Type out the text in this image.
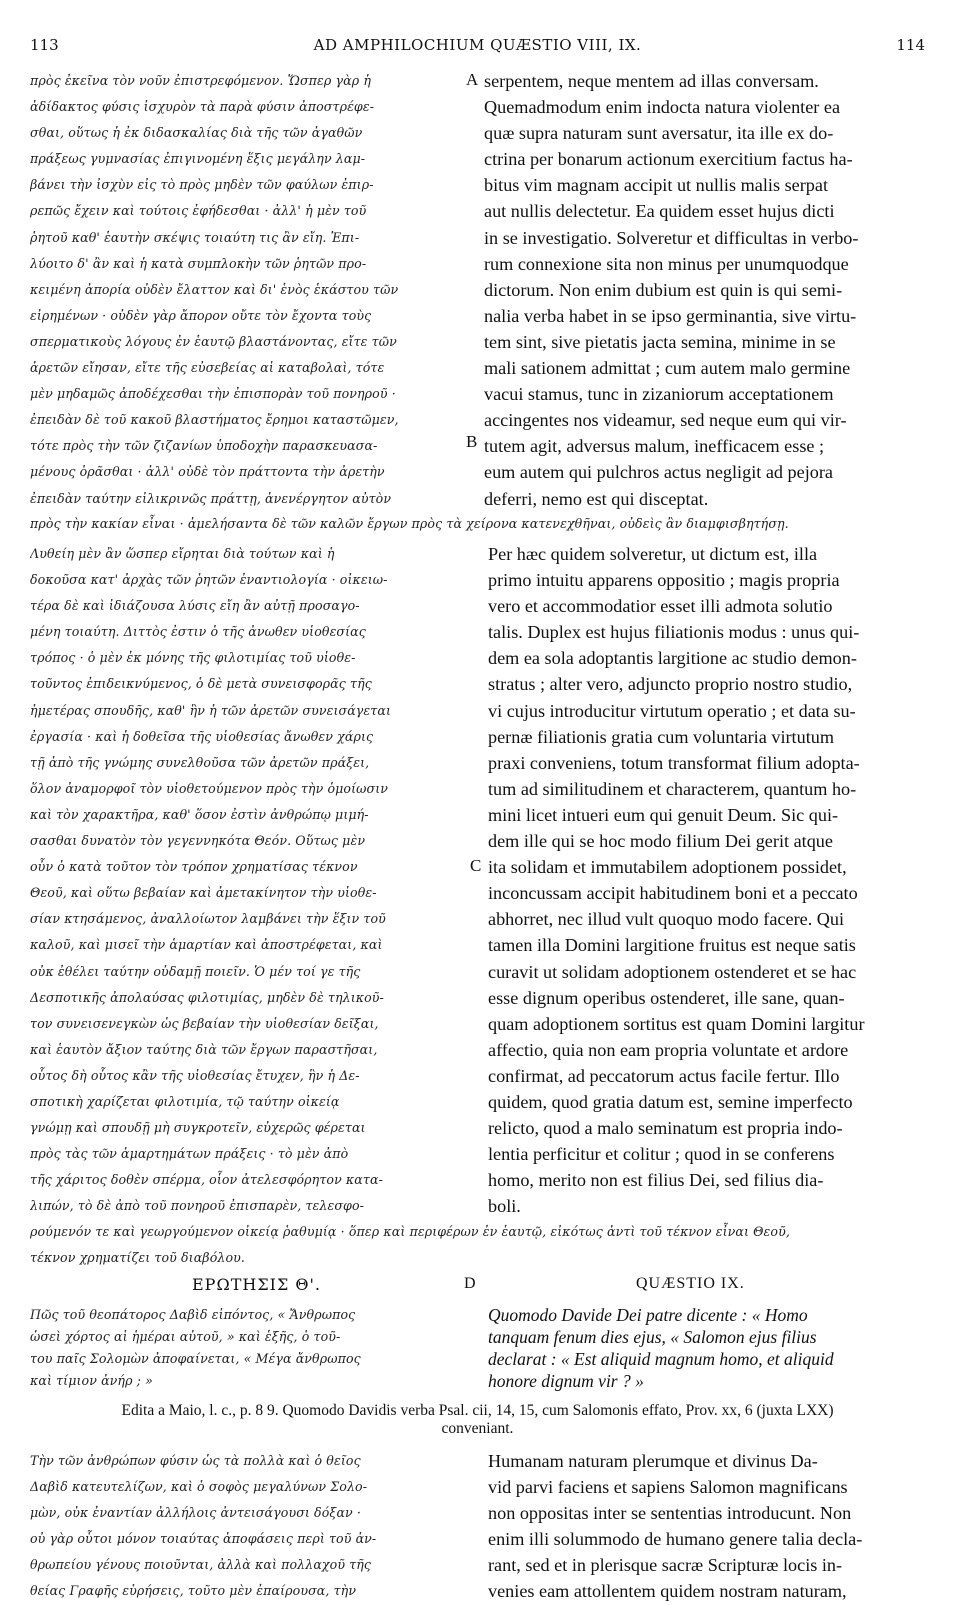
113	AD AMPHILOCHIUM QUÆSTIO VIII, IX.	114
πρὸς ἐκεῖνα τὸν νοῦν ἐπιστρεφόμενον. Ὥσπερ γὰρ ἡ
ἀδίδακτος φύσις ἰσχυρὸν τὰ παρὰ φύσιν ἀποστρέφε-
σθαι, οὕτως ἡ ἐκ διδασκαλίας διὰ τῆς τῶν ἀγαθῶν
πράξεως γυμνασίας ἐπιγινομένη ἕξις μεγάλην λαμ-
βάνει τὴν ἰσχὺν εἰς τὸ πρὸς μηδὲν τῶν φαύλων ἐπιρ-
ρεπῶς ἔχειν καὶ τούτοις ἐφήδεσθαι · ἀλλ' ἡ μὲν τοῦ
ῥητοῦ καθ' ἑαυτὴν σκέψις τοιαύτη τις ἂν εἴη. Ἐπι-
λύοιτο δ' ἂν καὶ ἡ κατὰ συμπλοκὴν τῶν ῥητῶν προ-
κειμένη ἀπορία οὐδὲν ἔλαττον καὶ δι' ἑνὸς ἑκάστου τῶν
εἰρημένων · οὐδὲν γὰρ ἄπορον οὔτε τὸν ἔχοντα τοὺς
σπερματικοὺς λόγους ἐν ἑαυτῷ βλαστάνοντας, εἴτε τῶν
ἀρετῶν εἴησαν, εἴτε τῆς εὐσεβείας αἱ καταβολαὶ, τότε
μὲν μηδαμῶς ἀποδέχεσθαι τὴν ἐπισπορὰν τοῦ πονηροῦ ·
ἐπειδὰν δὲ τοῦ κακοῦ βλαστήματος ἔρημοι καταστῶμεν,
τότε πρὸς τὴν τῶν ζιζανίων ὑποδοχὴν παρασκευασα-
μένους ὁρᾶσθαι · ἀλλ' οὐδὲ τὸν πράττοντα τὴν ἀρετὴν
ἐπειδὰν ταύτην εἰλικρινῶς πράττῃ, ἀνενέργητον αὐτὸν
serpentem, neque mentem ad illas conversam.
Quemadmodum enim indocta natura violenter ea
quæ supra naturam sunt aversatur, ita ille ex do-
ctrina per bonarum actionum exercitium factus ha-
bitus vim magnam accipit ut nullis malis serpat
aut nullis delectetur. Ea quidem esset hujus dicti
in se investigatio. Solveretur et difficultas in verbo-
rum connexione sita non minus per unumquodque
dictorum. Non enim dubium est quin is qui semi-
nalia verba habet in se ipso germinantia, sive virtu-
tem sint, sive pietatis jacta semina, minime in se
mali sationem admittat ; cum autem malo germine
vacui stamus, tunc in zizaniorum acceptationem
accingentes nos videamur, sed neque eum qui vir-
tutem agit, adversus malum, inefficacem esse ;
eum autem qui pulchros actus negligit ad pejora
deferri, nemo est qui disceptat.
A
B
πρὸς τὴν κακίαν εἶναι · ἀμελήσαντα δὲ τῶν καλῶν ἔργων πρὸς τὰ χείρονα κατενεχθῆναι, οὐδεὶς ἂν διαμφισβητήσῃ.
Λυθείη μὲν ἂν ὥσπερ εἴρηται διὰ τούτων καὶ ἡ
δοκοῦσα κατ' ἀρχὰς τῶν ῥητῶν ἐναντιολογία · οἰκειω-
τέρα δὲ καὶ ἰδιάζουσα λύσις εἴη ἂν αὐτῇ προσαγο-
μένη τοιαύτη. Διττὸς ἐστιν ὁ τῆς ἀνωθεν υἱοθεσίας
τρόπος · ὁ μὲν ἐκ μόνης τῆς φιλοτιμίας τοῦ υἱοθε-
τοῦντος ἐπιδεικνύμενος, ὁ δὲ μετὰ συνεισφορᾶς τῆς
ἡμετέρας σπουδῆς, καθ' ἣν ἡ τῶν ἀρετῶν συνεισάγεται
ἐργασία · καὶ ἡ δοθεῖσα τῆς υἱοθεσίας ἄνωθεν χάρις
τῇ ἀπὸ τῆς γνώμης συνελθοῦσα τῶν ἀρετῶν πράξει,
ὅλον ἀναμορφοῖ τὸν υἱοθετούμενον πρὸς τὴν ὁμοίωσιν
καὶ τὸν χαρακτῆρα, καθ' ὅσον ἐστὶν ἀνθρώπῳ μιμή-
σασθαι δυνατὸν τὸν γεγεννηκότα Θεόν. Οὕτως μὲν
οὖν ὁ κατὰ τοῦτον τὸν τρόπον χρηματίσας τέκνον
Θεοῦ, καὶ οὕτω βεβαίαν καὶ ἀμετακίνητον τὴν υἱοθε-
σίαν κτησάμενος, ἀναλλοίωτον λαμβάνει τὴν ἕξιν τοῦ
καλοῦ, καὶ μισεῖ τὴν ἁμαρτίαν καὶ ἀποστρέφεται, καὶ
οὐκ ἐθέλει ταύτην οὐδαμῇ ποιεῖν. Ὁ μέν τοί γε τῆς
Δεσποτικῆς ἀπολαύσας φιλοτιμίας, μηδὲν δὲ τηλικοῦ-
τον συνεισενεγκὼν ὡς βεβαίαν τὴν υἱοθεσίαν δεῖξαι,
καὶ ἑαυτὸν ἄξιον ταύτης διὰ τῶν ἔργων παραστῆσαι,
οὗτος δὴ οὗτος κἂν τῆς υἱοθεσίας ἔτυχεν, ἣν ἡ Δε-
σποτικὴ χαρίζεται φιλοτιμία, τῷ ταύτην οἰκείᾳ
γνώμῃ καὶ σπουδῇ μὴ συγκροτεῖν, εὐχερῶς φέρεται
πρὸς τὰς τῶν ἁμαρτημάτων πράξεις · τὸ μὲν ἀπὸ
τῆς χάριτος δοθὲν σπέρμα, οἷον ἀτελεσφόρητον κατα-
λιπών, τὸ δὲ ἀπὸ τοῦ πονηροῦ ἐπισπαρὲν, τελεσφο-
Per hæc quidem solveretur, ut dictum est, illa
primo intuitu apparens oppositio ; magis propria
vero et accommodatior esset illi admota solutio
talis. Duplex est hujus filiationis modus : unus qui-
dem ea sola adoptantis largitione ac studio demon-
stratus ; alter vero, adjuncto proprio nostro studio,
vi cujus introducitur virtutum operatio ; et data su-
pernæ filiationis gratia cum voluntaria virtutum
praxi conveniens, totum transformat filium adopta-
tum ad similitudinem et characterem, quantum ho-
mini licet intueri eum qui genuit Deum. Sic qui-
dem ille qui se hoc modo filium Dei gerit atque
ita solidam et immutabilem adoptionem possidet,
inconcussam accipit habitudinem boni et a peccato
abhorret, nec illud vult quoquo modo facere. Qui
tamen illa Domini largitione fruitus est neque satis
curavit ut solidam adoptionem ostenderet et se hac
esse dignum operibus ostenderet, ille sane, quan-
quam adoptionem sortitus est quam Domini largitur
affectio, quia non eam propria voluntate et ardore
confirmat, ad peccatorum actus facile fertur. Illo
quidem, quod gratia datum est, semine imperfecto
relicto, quod a malo seminatum est propria indo-
lentia perficitur et colitur ; quod in se conferens
homo, merito non est filius Dei, sed filius dia-
boli.
C
ρούμενόν τε καὶ γεωργούμενον οἰκείᾳ ῥαθυμίᾳ · ὅπερ καὶ περιφέρων ἐν ἑαυτῷ, εἰκότως ἀντὶ τοῦ τέκνον εἶναι Θεοῦ,
τέκνον χρηματίζει τοῦ διαβόλου.
ΕΡΩΤΗΣΙΣ Θ'.	D	QUÆSTIO IX.
Πῶς τοῦ θεοπάτορος Δαβὶδ εἰπόντος, « Ἄνθρωπος
ὡσεὶ χόρτος αἱ ἡμέραι αὐτοῦ, » καὶ ἑξῆς, ὁ τοῦ-
του παῖς Σολομὼν ἀποφαίνεται, « Μέγα ἄνθρωπος
καὶ τίμιον ἀνήρ ; »
Quomodo Davide Dei patre dicente : « Homo
tanquam fenum dies ejus, « Salomon ejus filius
declarat : « Est aliquid magnum homo, et aliquid
honore dignum vir ? »
Edita a Maio, l. c., p. 8 9. Quomodo Davidis verba Psal. cii, 14, 15, cum Salomonis effato, Prov. xx, 6 (juxta LXX)
conveniant.
Τὴν τῶν ἀνθρώπων φύσιν ὡς τὰ πολλὰ καὶ ὁ θεῖος
Δαβὶδ κατευτελίζων, καὶ ὁ σοφὸς μεγαλύνων Σολο-
μὼν, οὐκ ἐναντίαν ἀλλήλοις ἀντεισάγουσι δόξαν ·
οὐ γὰρ οὗτοι μόνον τοιαύτας ἀποφάσεις περὶ τοῦ ἀν-
θρωπείου γένους ποιοῦνται, ἀλλὰ καὶ πολλαχοῦ τῆς
θείας Γραφῆς εὑρήσεις, τοῦτο μὲν ἐπαίρουσα, τὴν
Humanam naturam plerumque et divinus Da-
vid parvi faciens et sapiens Salomon magnificans
non oppositas inter se sententias introducunt. Non
enim illi solummodo de humano genere talia decla-
rant, sed et in plerisque sacræ Scripturæ locis in-
venies eam attollentem quidem nostram naturam,
